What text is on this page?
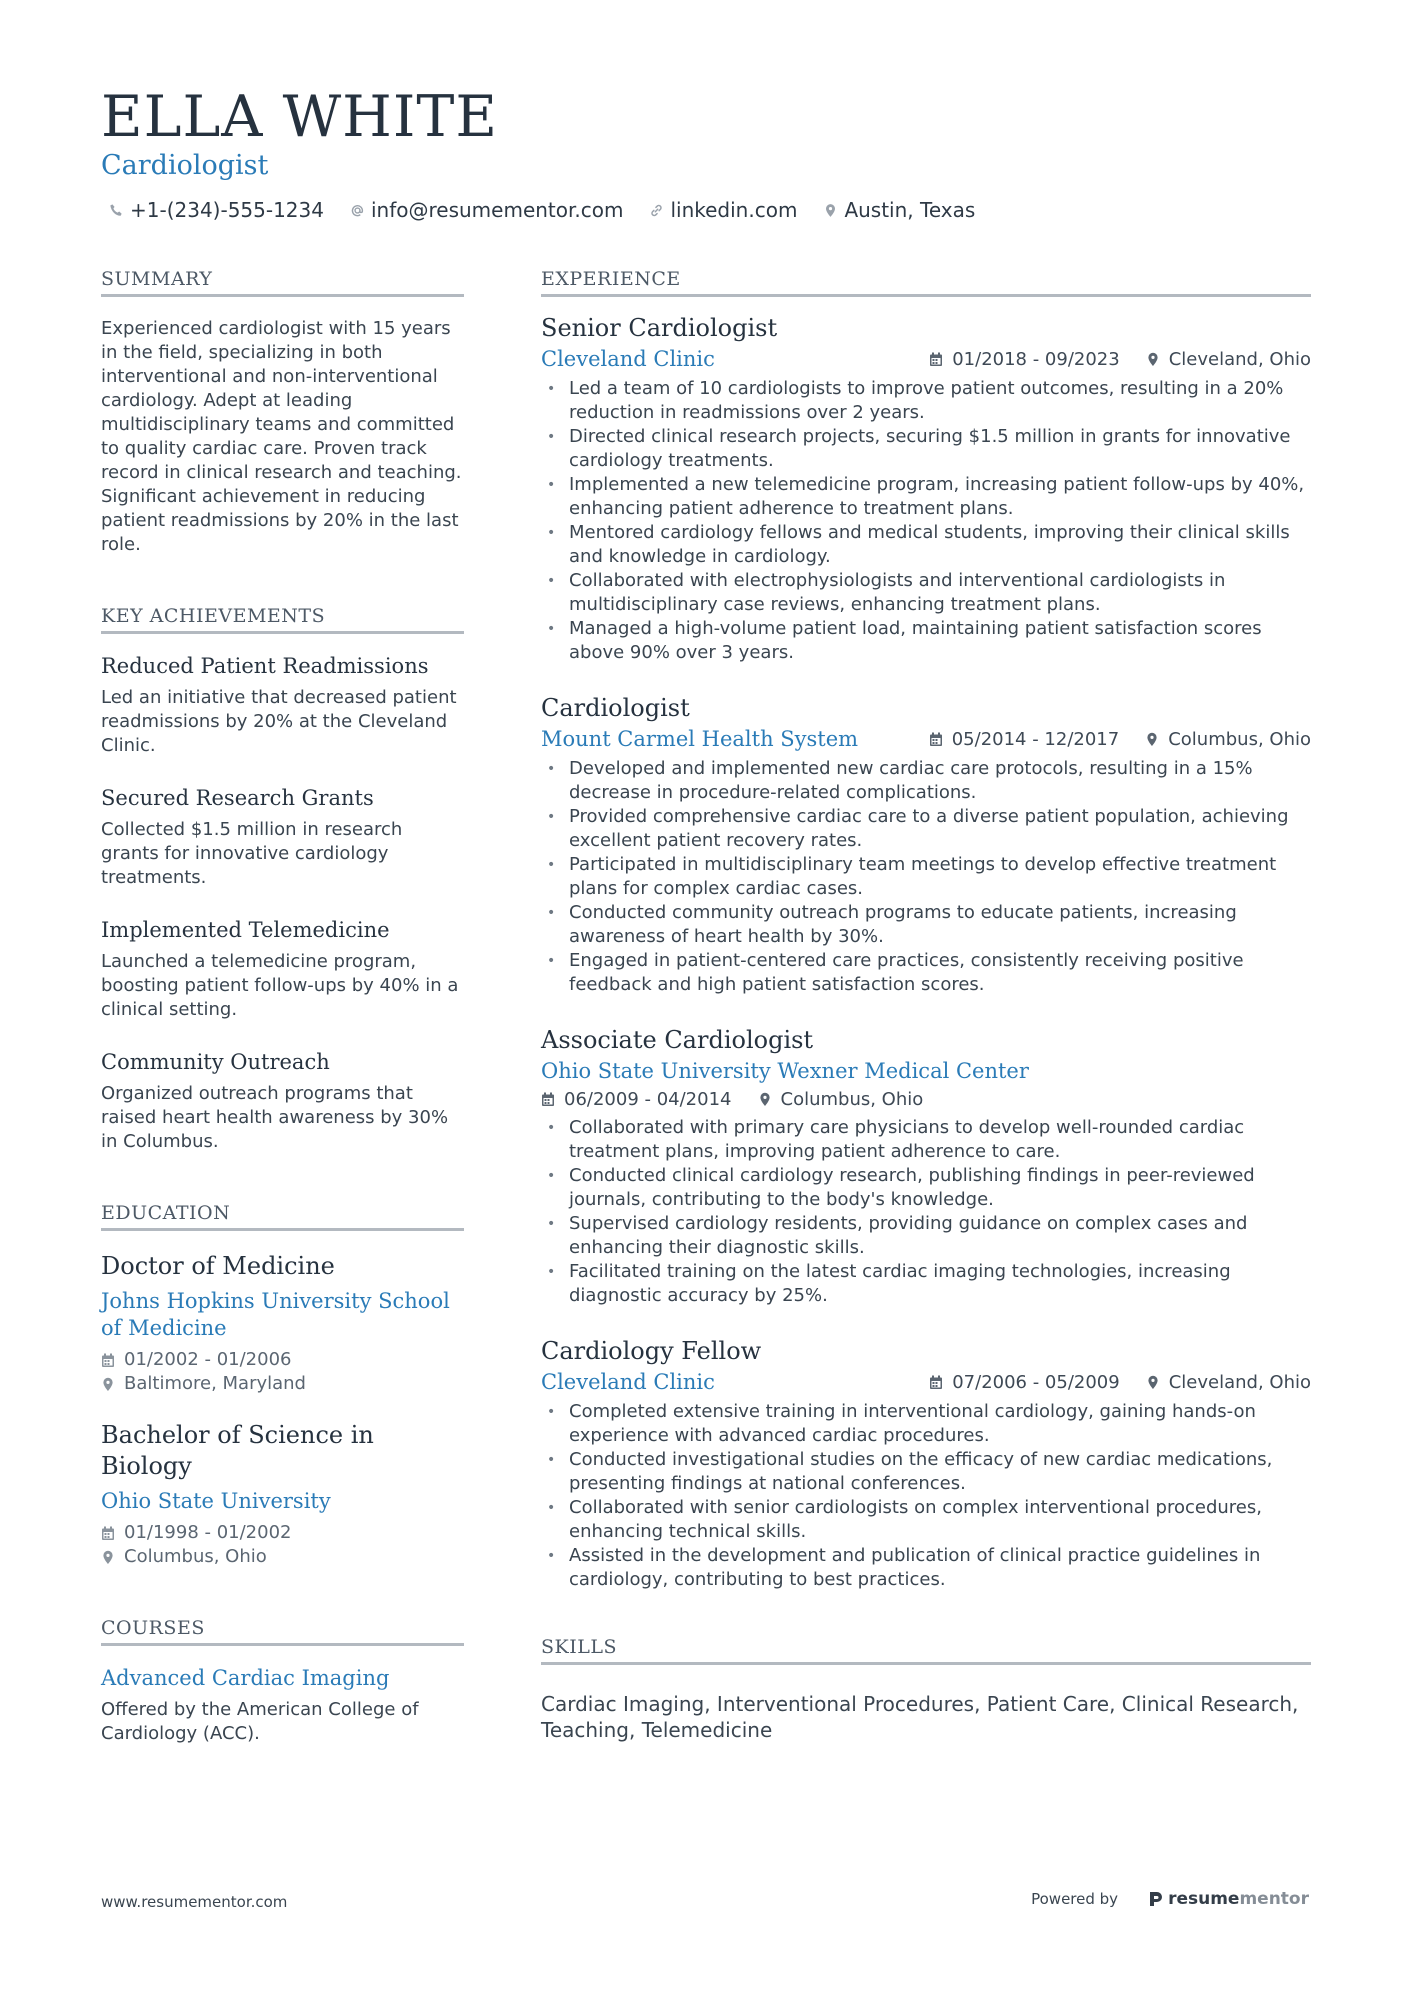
ELLA WHITE
Cardiologist
+1-(234)-555-1234 info@resumementor.com linkedin.com Austin, Texas
SUMMARY
Experienced cardiologist with 15 years in the field, specializing in both interventional and non-interventional cardiology. Adept at leading multidisciplinary teams and committed to quality cardiac care. Proven track record in clinical research and teaching. Significant achievement in reducing patient readmissions by 20% in the last role.
KEY ACHIEVEMENTS
Reduced Patient Readmissions
Led an initiative that decreased patient readmissions by 20% at the Cleveland Clinic.
Secured Research Grants
Collected $1.5 million in research grants for innovative cardiology treatments.
Implemented Telemedicine
Launched a telemedicine program, boosting patient follow-ups by 40% in a clinical setting.
Community Outreach
Organized outreach programs that raised heart health awareness by 30% in Columbus.
EDUCATION
Doctor of Medicine
Johns Hopkins University School of Medicine
01/2002 - 01/2006
Baltimore, Maryland
Bachelor of Science in Biology
Ohio State University
01/1998 - 01/2002
Columbus, Ohio
COURSES
Advanced Cardiac Imaging
Offered by the American College of Cardiology (ACC).
EXPERIENCE
Senior Cardiologist
Cleveland Clinic	01/2018 - 09/2023	Cleveland, Ohio
• Led a team of 10 cardiologists to improve patient outcomes, resulting in a 20% reduction in readmissions over 2 years.
• Directed clinical research projects, securing $1.5 million in grants for innovative cardiology treatments.
• Implemented a new telemedicine program, increasing patient follow-ups by 40%, enhancing patient adherence to treatment plans.
• Mentored cardiology fellows and medical students, improving their clinical skills and knowledge in cardiology.
• Collaborated with electrophysiologists and interventional cardiologists in multidisciplinary case reviews, enhancing treatment plans.
• Managed a high-volume patient load, maintaining patient satisfaction scores above 90% over 3 years.
Cardiologist
Mount Carmel Health System	05/2014 - 12/2017	Columbus, Ohio
• Developed and implemented new cardiac care protocols, resulting in a 15% decrease in procedure-related complications.
• Provided comprehensive cardiac care to a diverse patient population, achieving excellent patient recovery rates.
• Participated in multidisciplinary team meetings to develop effective treatment plans for complex cardiac cases.
• Conducted community outreach programs to educate patients, increasing awareness of heart health by 30%.
• Engaged in patient-centered care practices, consistently receiving positive feedback and high patient satisfaction scores.
Associate Cardiologist
Ohio State University Wexner Medical Center
06/2009 - 04/2014	Columbus, Ohio
• Collaborated with primary care physicians to develop well-rounded cardiac treatment plans, improving patient adherence to care.
• Conducted clinical cardiology research, publishing findings in peer-reviewed journals, contributing to the body's knowledge.
• Supervised cardiology residents, providing guidance on complex cases and enhancing their diagnostic skills.
• Facilitated training on the latest cardiac imaging technologies, increasing diagnostic accuracy by 25%.
Cardiology Fellow
Cleveland Clinic	07/2006 - 05/2009	Cleveland, Ohio
• Completed extensive training in interventional cardiology, gaining hands-on experience with advanced cardiac procedures.
• Conducted investigational studies on the efficacy of new cardiac medications, presenting findings at national conferences.
• Collaborated with senior cardiologists on complex interventional procedures, enhancing technical skills.
• Assisted in the development and publication of clinical practice guidelines in cardiology, contributing to best practices.
SKILLS
Cardiac Imaging, Interventional Procedures, Patient Care, Clinical Research, Teaching, Telemedicine
www.resumementor.com	Powered by	resume mentor
